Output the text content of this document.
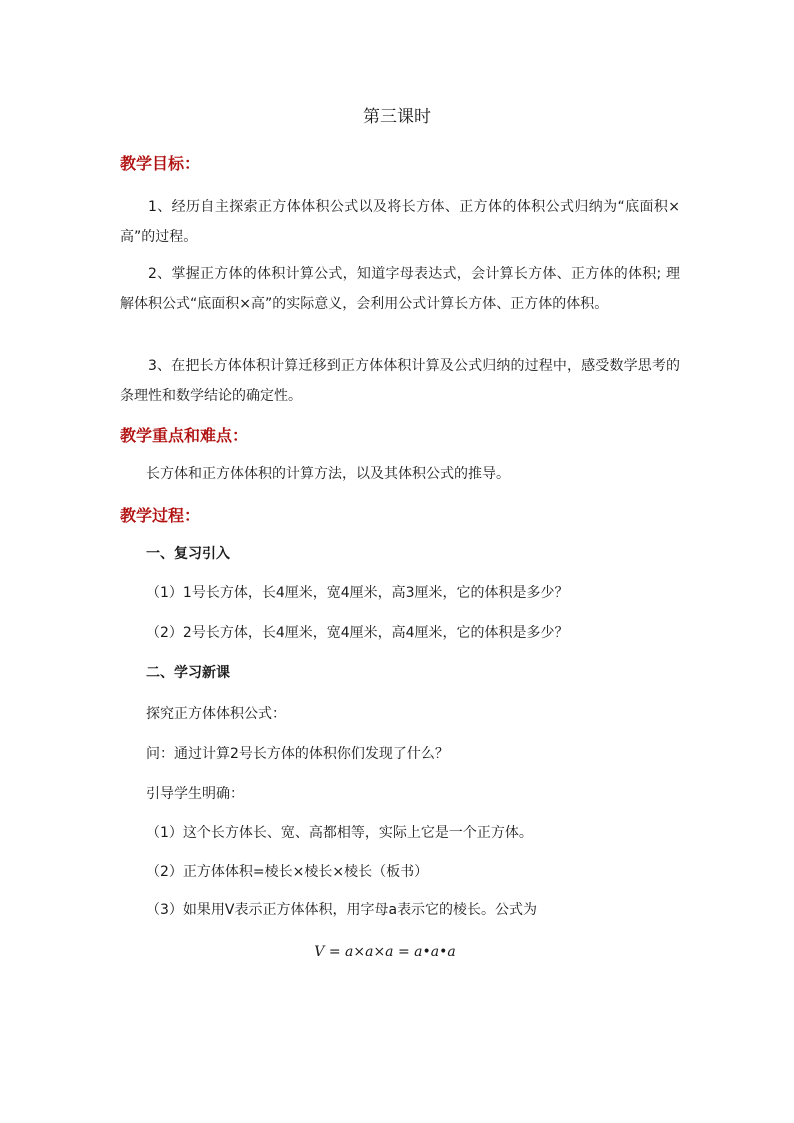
第三课时
教学目标：
1、经历自主探索正方体体积公式以及将长方体、正方体的体积公式归纳为“底面积×高”的过程。
2、掌握正方体的体积计算公式，知道字母表达式，会计算长方体、正方体的体积; 理解体积公式“底面积×高”的实际意义，会利用公式计算长方体、正方体的体积。
3、在把长方体体积计算迁移到正方体体积计算及公式归纳的过程中，感受数学思考的条理性和数学结论的确定性。
教学重点和难点：
长方体和正方体体积的计算方法，以及其体积公式的推导。
教学过程：
一、复习引入
（1）1号长方体，长4厘米，宽4厘米，高3厘米，它的体积是多少？
（2）2号长方体，长4厘米，宽4厘米，高4厘米，它的体积是多少？
二、学习新课
探究正方体体积公式：
问：通过计算2号长方体的体积你们发现了什么？
引导学生明确：
（1）这个长方体长、宽、高都相等，实际上它是一个正方体。
（2）正方体体积=棱长×棱长×棱长（板书）
（3）如果用V表示正方体体积，用字母a表示它的棱长。公式为
V = a×a×a = a•a•a
